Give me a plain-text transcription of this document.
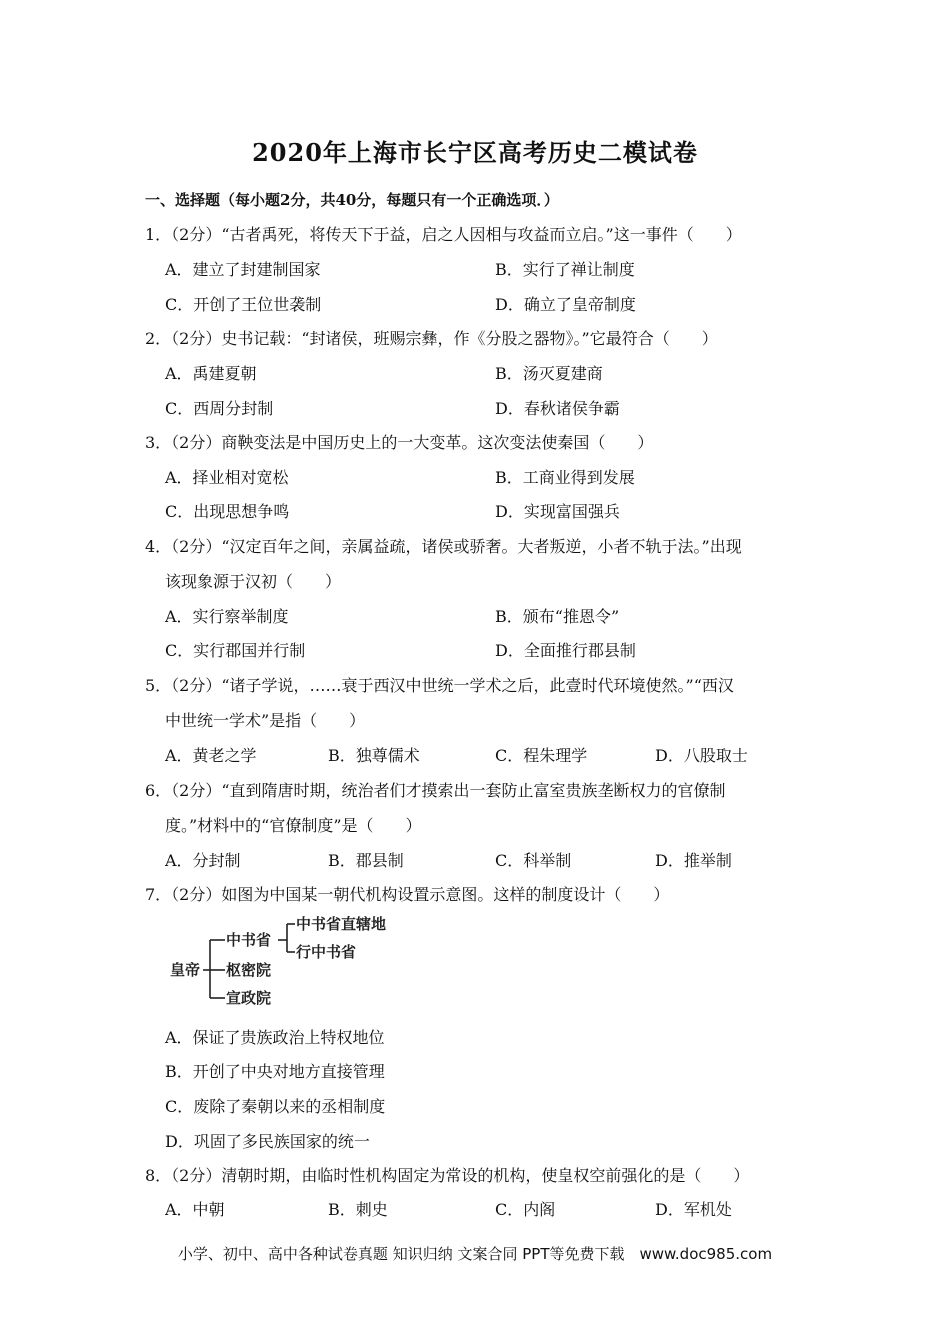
2020年上海市长宁区高考历史二模试卷
一、选择题（每小题2分，共40分，每题只有一个正确选项．）
1．（2分）“古者禹死，将传天下于益，启之人因相与攻益而立启。”这一事件（　　）
A．建立了封建制国家	B．实行了禅让制度
C．开创了王位世袭制	D．确立了皇帝制度
2．（2分）史书记载：“封诸侯，班赐宗彝，作《分股之器物》。”它最符合（　　）
A．禹建夏朝	B．汤灭夏建商
C．西周分封制	D．春秋诸侯争霸
3．（2分）商鞅变法是中国历史上的一大变革。这次变法使秦国（　　）
A．择业相对宽松	B．工商业得到发展
C．出现思想争鸣	D．实现富国强兵
4．（2分）“汉定百年之间，亲属益疏，诸侯或骄奢。大者叛逆，小者不轨于法。”出现
该现象源于汉初（　　）
A．实行察举制度	B．颁布“推恩令”
C．实行郡国并行制	D．全面推行郡县制
5．（2分）“诸子学说，……衰于西汉中世统一学术之后，此壹时代环境使然。”“西汉
中世统一学术”是指（　　）
A．黄老之学	B．独尊儒术	C．程朱理学	D．八股取士
6．（2分）“直到隋唐时期，统治者们才摸索出一套防止富室贵族垄断权力的官僚制
度。”材料中的“官僚制度”是（　　）
A．分封制	B．郡县制	C．科举制	D．推举制
7．（2分）如图为中国某一朝代机构设置示意图。这样的制度设计（　　）
皇帝
中书省
枢密院
宣政院
中书省直辖地
行中书省
A．保证了贵族政治上特权地位
B．开创了中央对地方直接管理
C．废除了秦朝以来的丞相制度
D．巩固了多民族国家的统一
8．（2分）清朝时期，由临时性机构固定为常设的机构，使皇权空前强化的是（　　）
A．中朝	B．刺史	C．内阁	D．军机处
小学、初中、高中各种试卷真题 知识归纳 文案合同 PPT等免费下载　www.doc985.com
